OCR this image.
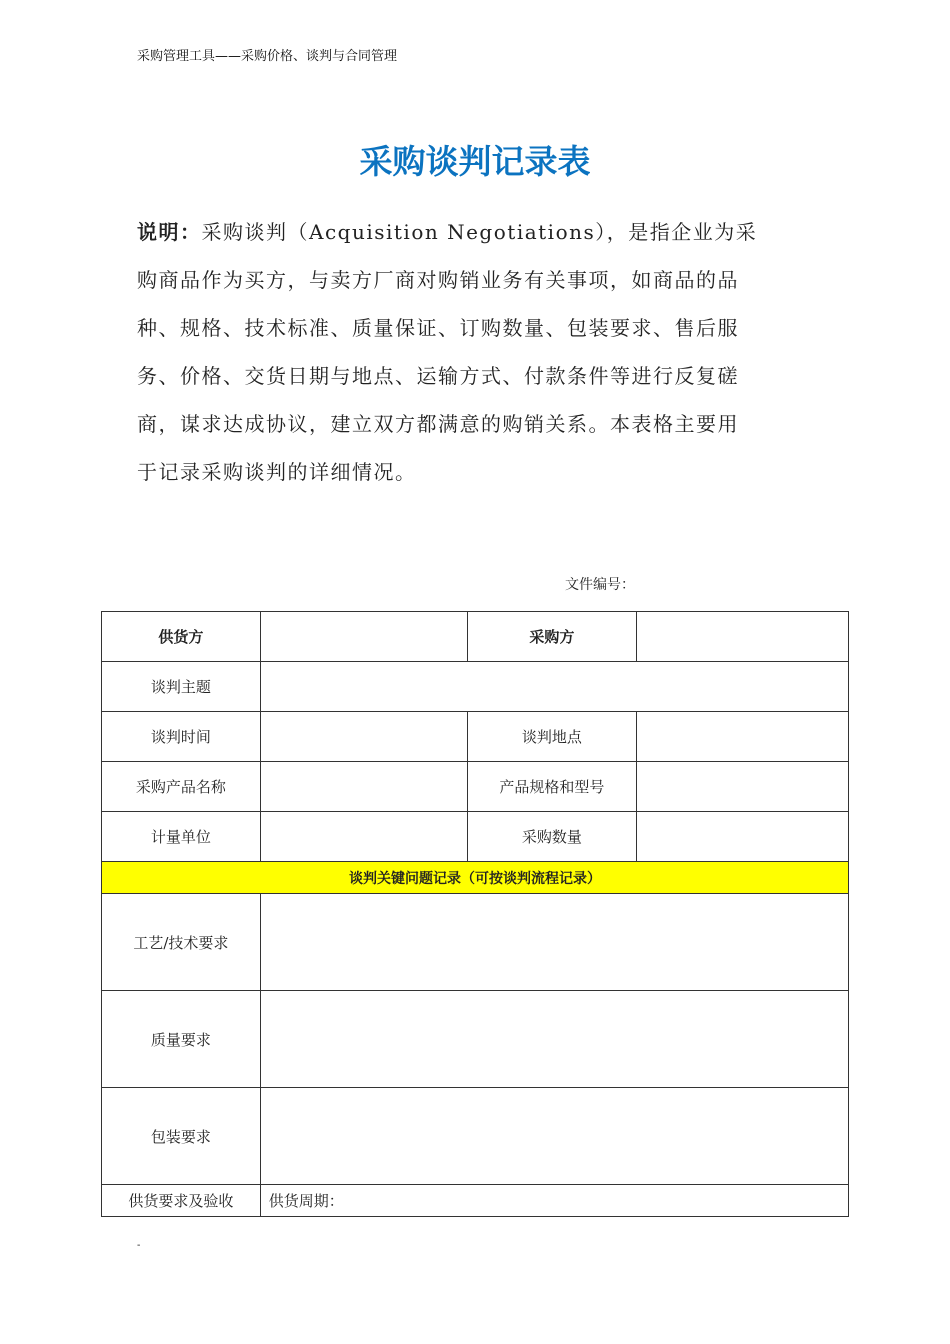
采购管理工具——采购价格、谈判与合同管理
采购谈判记录表
说明：采购谈判（Acquisition Negotiations），是指企业为采
购商品作为买方，与卖方厂商对购销业务有关事项，如商品的品
种、规格、技术标准、质量保证、订购数量、包装要求、售后服
务、价格、交货日期与地点、运输方式、付款条件等进行反复磋
商，谋求达成协议，建立双方都满意的购销关系。本表格主要用
于记录采购谈判的详细情况。
文件编号：
供货方		采购方	
谈判主题			
谈判时间		谈判地点	
采购产品名称		产品规格和型号	
计量单位		采购数量	
谈判关键问题记录（可按谈判流程记录）			
工艺/技术要求			
质量要求			
包装要求			
供货要求及验收	供货周期：		
-
